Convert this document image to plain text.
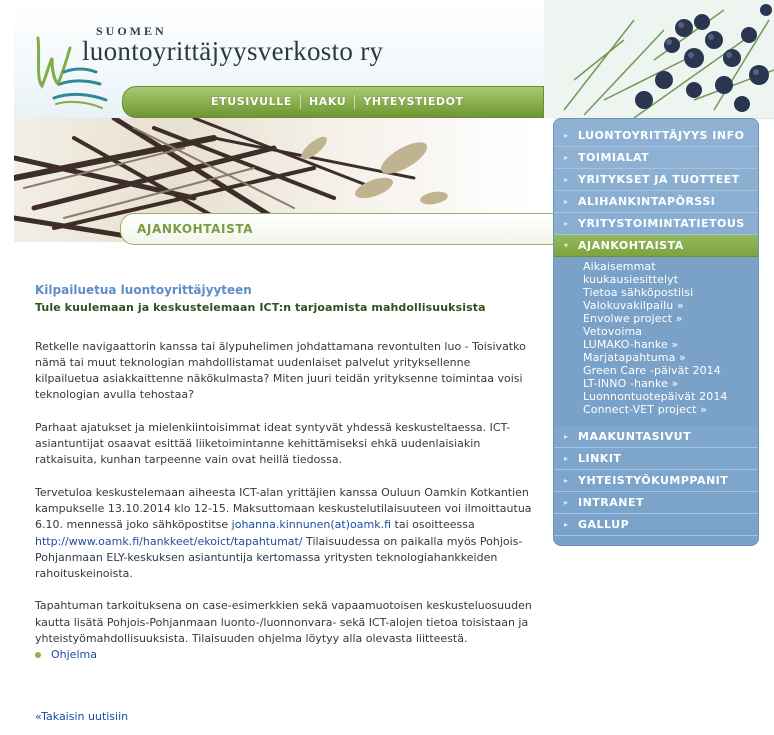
SUOMEN
luontoyrittäjyysverkosto ry
ETUSIVULLE	HAKU	YHTEYSTIEDOT
AJANKOHTAISTA
▸ LUONTOYRITTÄJYYS INFO
▸ TOIMIALAT
▸ YRITYKSET JA TUOTTEET
▸ ALIHANKINTAPÖRSSI
▸ YRITYSTOIMINTATIETOUS
▾ AJANKOHTAISTA
Aikaisemmat
kuukausiesittelyt
Tietoa sähköpostiisi
Valokuvakilpailu »
Envolwe project »
Vetovoima
LUMAKO-hanke »
Marjatapahtuma »
Green Care -päivät 2014
LT-INNO -hanke »
Luonnontuotepäivät 2014
Connect-VET project »
▸ MAAKUNTASIVUT
▸ LINKIT
▸ YHTEISTYÖKUMPPANIT
▸ INTRANET
▸ GALLUP
Kilpailuetua luontoyrittäjyyteen
Tule kuulemaan ja keskustelemaan ICT:n tarjoamista mahdollisuuksista

Retkelle navigaattorin kanssa tai älypuhelimen johdattamana revontulten luo - Toisivatko nämä tai muut teknologian mahdollistamat uudenlaiset palvelut yrityksellenne kilpailuetua asiakkaittenne näkökulmasta? Miten juuri teidän yrityksenne toimintaa voisi teknologian avulla tehostaa?

Parhaat ajatukset ja mielenkiintoisimmat ideat syntyvät yhdessä keskusteltaessa. ICT-asiantuntijat osaavat esittää liiketoimintanne kehittämiseksi ehkä uudenlaisiakin ratkaisuita, kunhan tarpeenne vain ovat heillä tiedossa.

Tervetuloa keskustelemaan aiheesta ICT-alan yrittäjien kanssa Ouluun Oamkin Kotkantien kampukselle 13.10.2014 klo 12-15. Maksuttomaan keskustelutilaisuuteen voi ilmoittautua 6.10. mennessä joko sähköpostitse johanna.kinnunen(at)oamk.fi tai osoitteessa http://www.oamk.fi/hankkeet/ekoict/tapahtumat/ Tilaisuudessa on paikalla myös Pohjois-Pohjanmaan ELY-keskuksen asiantuntija kertomassa yritysten teknologiahankkeiden rahoituskeinoista.

Tapahtuman tarkoituksena on case-esimerkkien sekä vapaamuotoisen keskusteluosuuden kautta lisätä Pohjois-Pohjanmaan luonto-/luonnonvara- sekä ICT-alojen tietoa toisistaan ja yhteistyömahdollisuuksista. Tilaisuuden ohjelma löytyy alla olevasta liitteestä.

Ohjelma
«Takaisin uutisiin
